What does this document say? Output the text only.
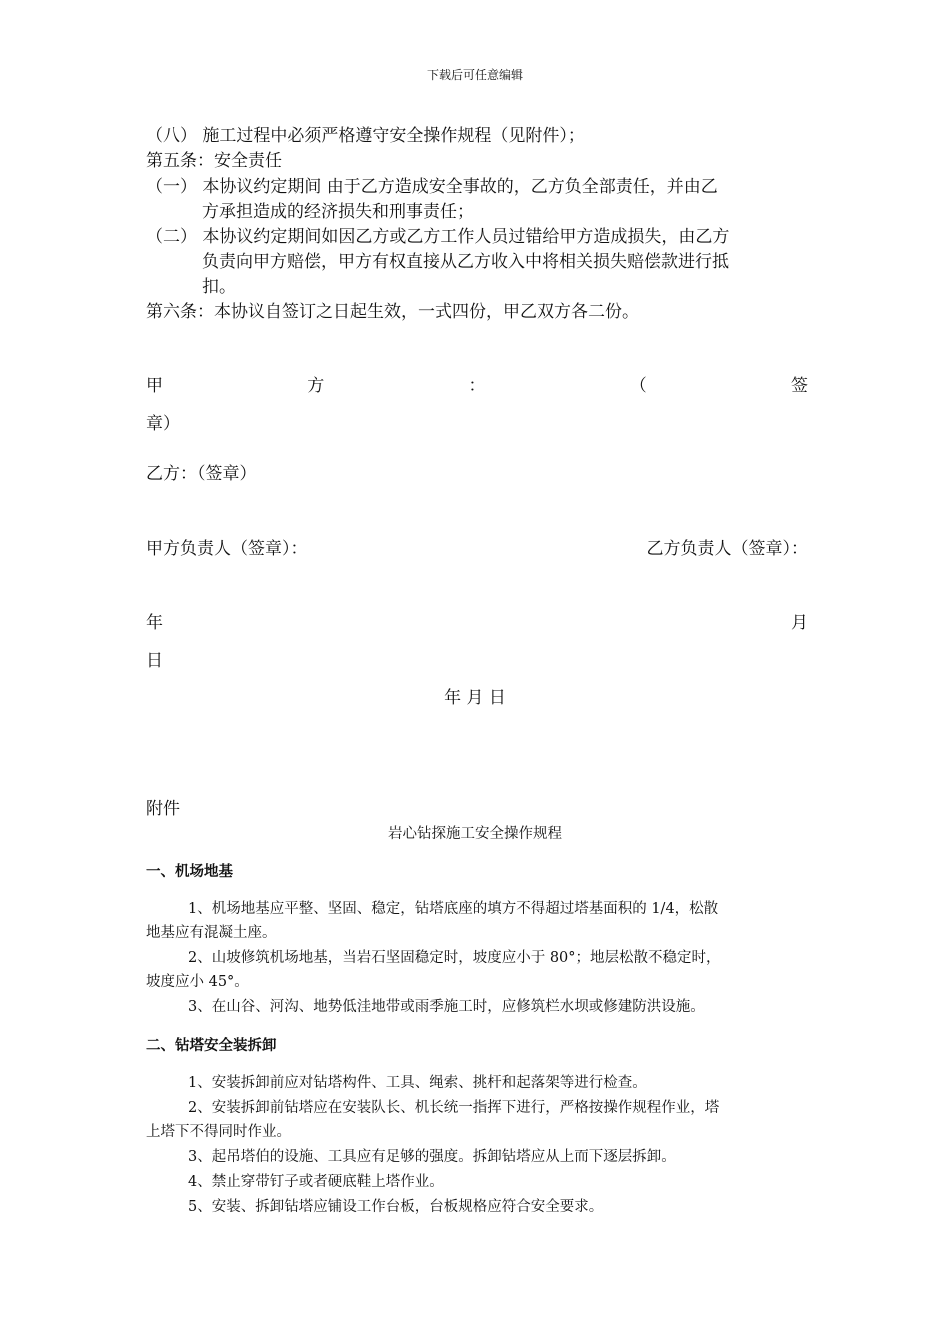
下载后可任意编辑
（八） 施工过程中必须严格遵守安全操作规程（见附件）；
第五条：安全责任
（一） 本协议约定期间 由于乙方造成安全事故的，乙方负全部责任，并由乙
方承担造成的经济损失和刑事责任；
（二） 本协议约定期间如因乙方或乙方工作人员过错给甲方造成损失，由乙方
负责向甲方赔偿，甲方有权直接从乙方收入中将相关损失赔偿款进行抵
扣。
第六条：本协议自签订之日起生效，一式四份，甲乙双方各二份。
甲	方	：	（	签
章）
乙方：（签章）
甲方负责人（签章）：	乙方负责人（签章）：
年	月
日
年 月 日
附件
岩心钻探施工安全操作规程
一、机场地基
1、机场地基应平整、坚固、稳定，钻塔底座的填方不得超过塔基面积的 1/4，松散
地基应有混凝土座。
2、山坡修筑机场地基，当岩石坚固稳定时，坡度应小于 80°；地层松散不稳定时，
坡度应小 45°。
3、在山谷、河沟、地势低洼地带或雨季施工时，应修筑栏水坝或修建防洪设施。
二、钻塔安全装拆卸
1、安装拆卸前应对钻塔构件、工具、绳索、挑杆和起落架等进行检查。
2、安装拆卸前钻塔应在安装队长、机长统一指挥下进行，严格按操作规程作业，塔
上塔下不得同时作业。
3、起吊塔伯的设施、工具应有足够的强度。拆卸钻塔应从上而下逐层拆卸。
4、禁止穿带钉子或者硬底鞋上塔作业。
5、安装、拆卸钻塔应铺设工作台板，台板规格应符合安全要求。
